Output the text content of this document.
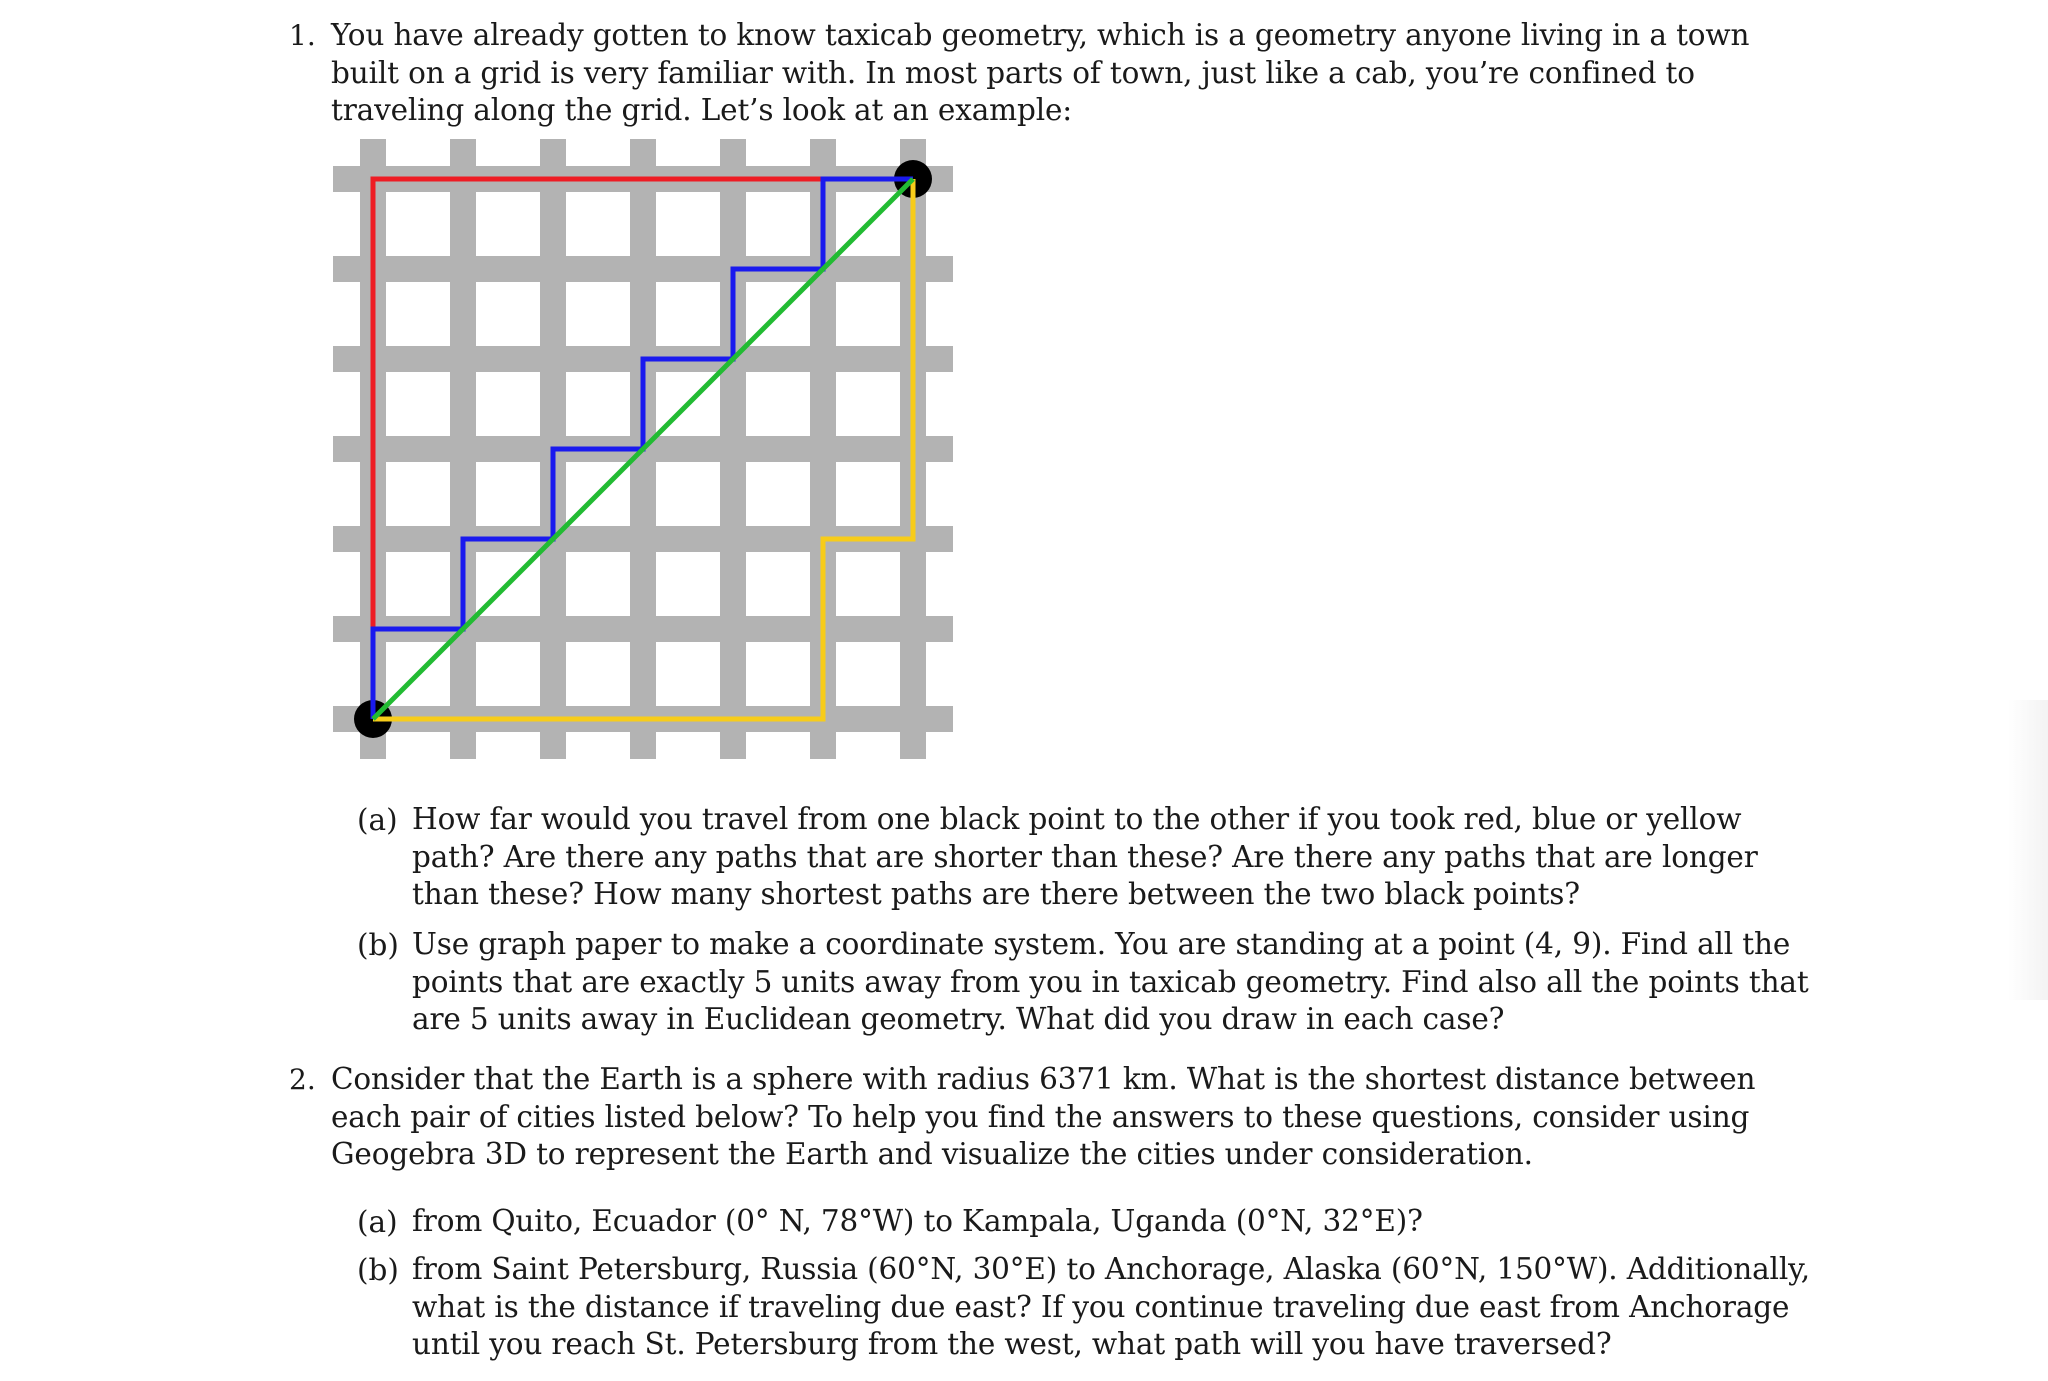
1. You have already gotten to know taxicab geometry, which is a geometry anyone living in a town built on a grid is very familiar with. In most parts of town, just like a cab, you’re confined to traveling along the grid. Let’s look at an example:
(a) How far would you travel from one black point to the other if you took red, blue or yellow path? Are there any paths that are shorter than these? Are there any paths that are longer than these? How many shortest paths are there between the two black points?
(b) Use graph paper to make a coordinate system. You are standing at a point (4, 9). Find all the points that are exactly 5 units away from you in taxicab geometry. Find also all the points that are 5 units away in Euclidean geometry. What did you draw in each case?
2. Consider that the Earth is a sphere with radius 6371 km. What is the shortest distance between each pair of cities listed below? To help you find the answers to these questions, consider using Geogebra 3D to represent the Earth and visualize the cities under consideration.
(a) from Quito, Ecuador (0° N, 78°W) to Kampala, Uganda (0°N, 32°E)?
(b) from Saint Petersburg, Russia (60°N, 30°E) to Anchorage, Alaska (60°N, 150°W). Additionally, what is the distance if traveling due east? If you continue traveling due east from Anchorage until you reach St. Petersburg from the west, what path will you have traversed?
